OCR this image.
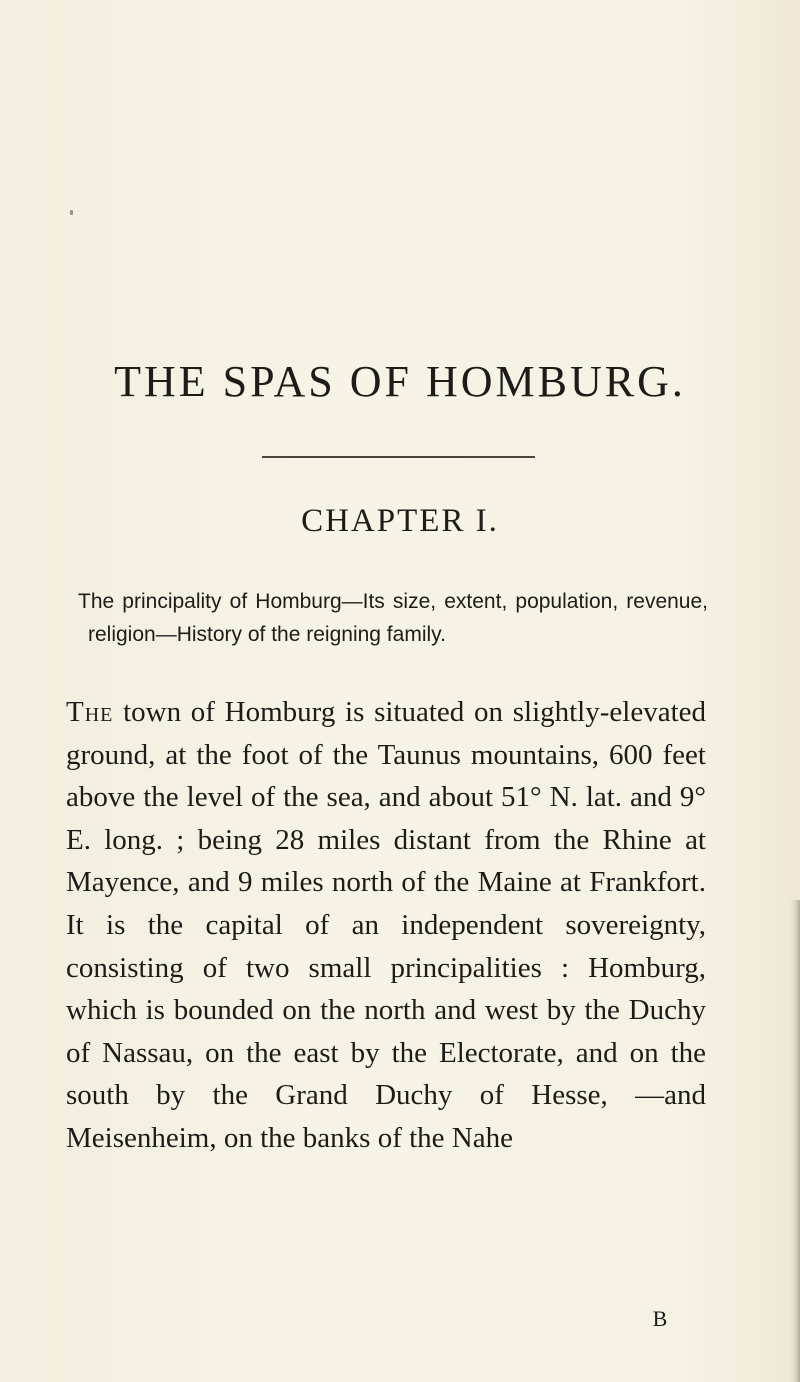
THE SPAS OF HOMBURG.
CHAPTER I.

The principality of Homburg—Its size, extent, population, revenue, religion—History of the reigning family.

The town of Homburg is situated on slightly-elevated ground, at the foot of the Taunus mountains, 600 feet above the level of the sea, and about 51° N. lat. and 9° E. long. ; being 28 miles distant from the Rhine at Mayence, and 9 miles north of the Maine at Frankfort. It is the capital of an independent sovereignty, consisting of two small principalities : Homburg, which is bounded on the north and west by the Duchy of Nassau, on the east by the Electorate, and on the south by the Grand Duchy of Hesse, —and Meisenheim, on the banks of the Nahe

B
